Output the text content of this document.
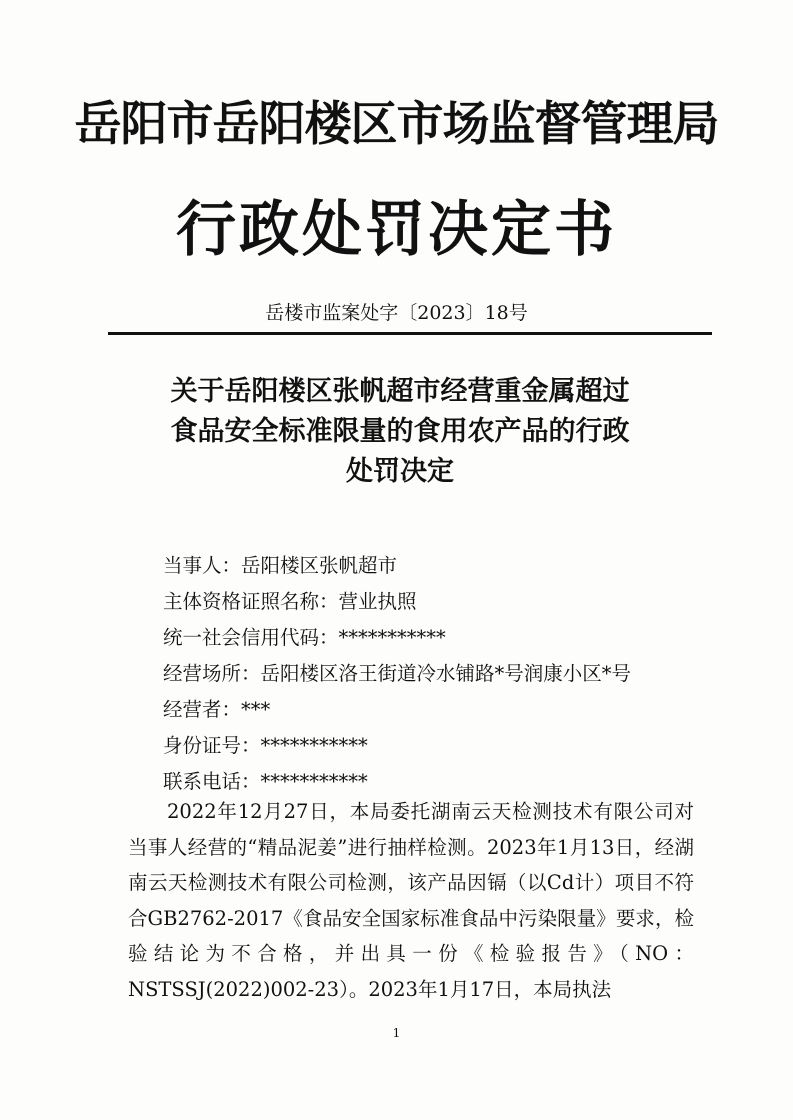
岳阳市岳阳楼区市场监督管理局
行政处罚决定书
岳楼市监案处字〔2023〕18号
关于岳阳楼区张帆超市经营重金属超过
食品安全标准限量的食用农产品的行政
处罚决定
当事人：岳阳楼区张帆超市
主体资格证照名称：营业执照
统一社会信用代码：***********
经营场所：岳阳楼区洛王街道冷水铺路*号润康小区*号
经营者：***
身份证号：***********
联系电话：***********
2022年12月27日，本局委托湖南云天检测技术有限公司对当事人经营的“精品泥姜”进行抽样检测。2023年1月13日，经湖南云天检测技术有限公司检测，该产品因镉（以Cd计）项目不符合GB2762-2017《食品安全国家标准食品中污染限量》要求，检验结论为不合格，并出具一份《检验报告》（NO：NSTSSJ(2022)002-23）。2023年1月17日，本局执法
1
